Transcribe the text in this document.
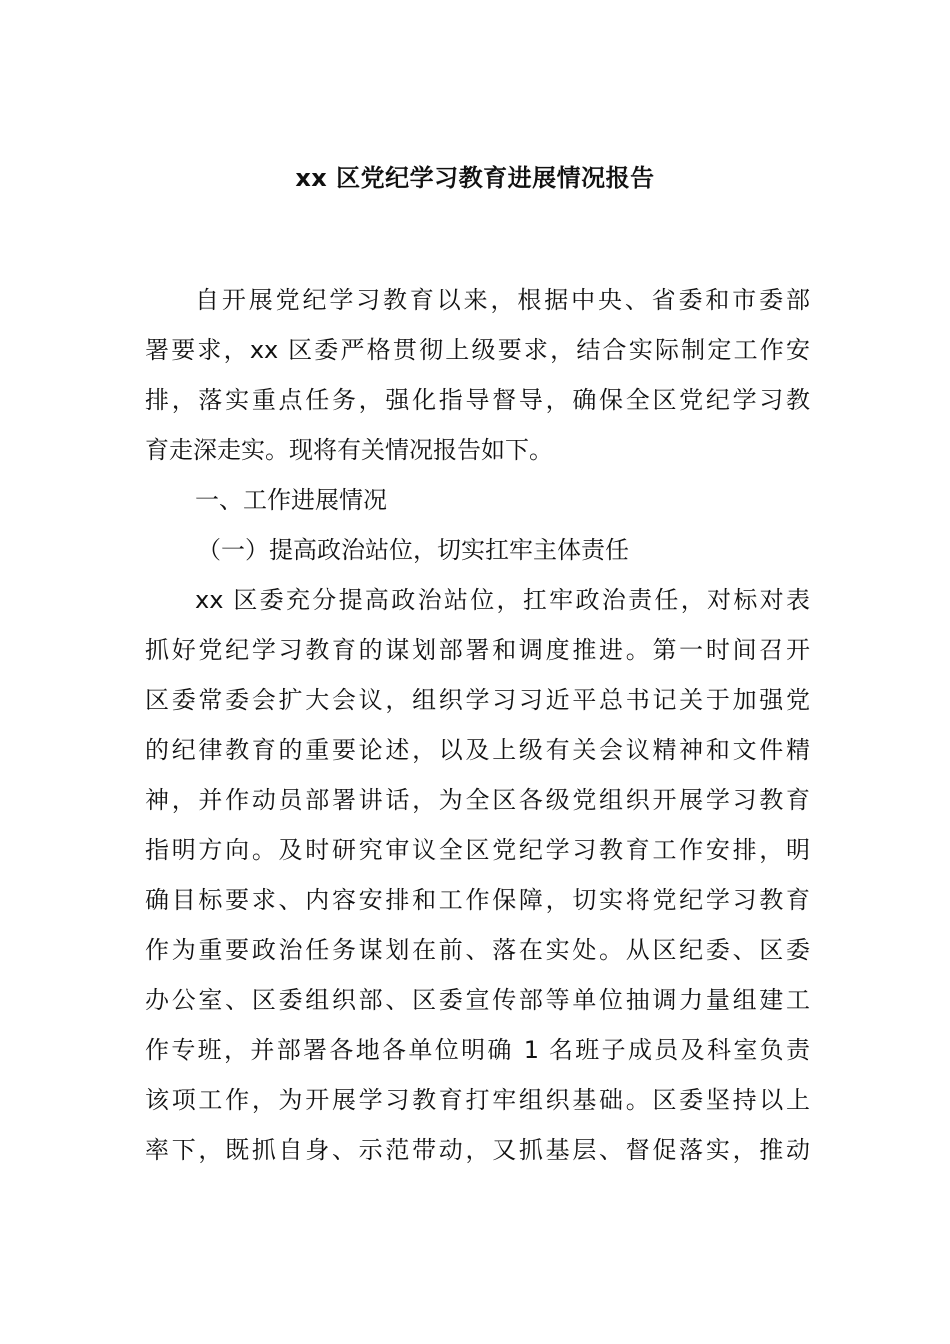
xx 区党纪学习教育进展情况报告
自开展党纪学习教育以来，根据中央、省委和市委部
署要求，xx 区委严格贯彻上级要求，结合实际制定工作安
排，落实重点任务，强化指导督导，确保全区党纪学习教
育走深走实。现将有关情况报告如下。
一、工作进展情况
（一）提高政治站位，切实扛牢主体责任
xx 区委充分提高政治站位，扛牢政治责任，对标对表
抓好党纪学习教育的谋划部署和调度推进。第一时间召开
区委常委会扩大会议，组织学习习近平总书记关于加强党
的纪律教育的重要论述，以及上级有关会议精神和文件精
神，并作动员部署讲话，为全区各级党组织开展学习教育
指明方向。及时研究审议全区党纪学习教育工作安排，明
确目标要求、内容安排和工作保障，切实将党纪学习教育
作为重要政治任务谋划在前、落在实处。从区纪委、区委
办公室、区委组织部、区委宣传部等单位抽调力量组建工
作专班，并部署各地各单位明确 1 名班子成员及科室负责
该项工作，为开展学习教育打牢组织基础。区委坚持以上
率下，既抓自身、示范带动，又抓基层、督促落实，推动
